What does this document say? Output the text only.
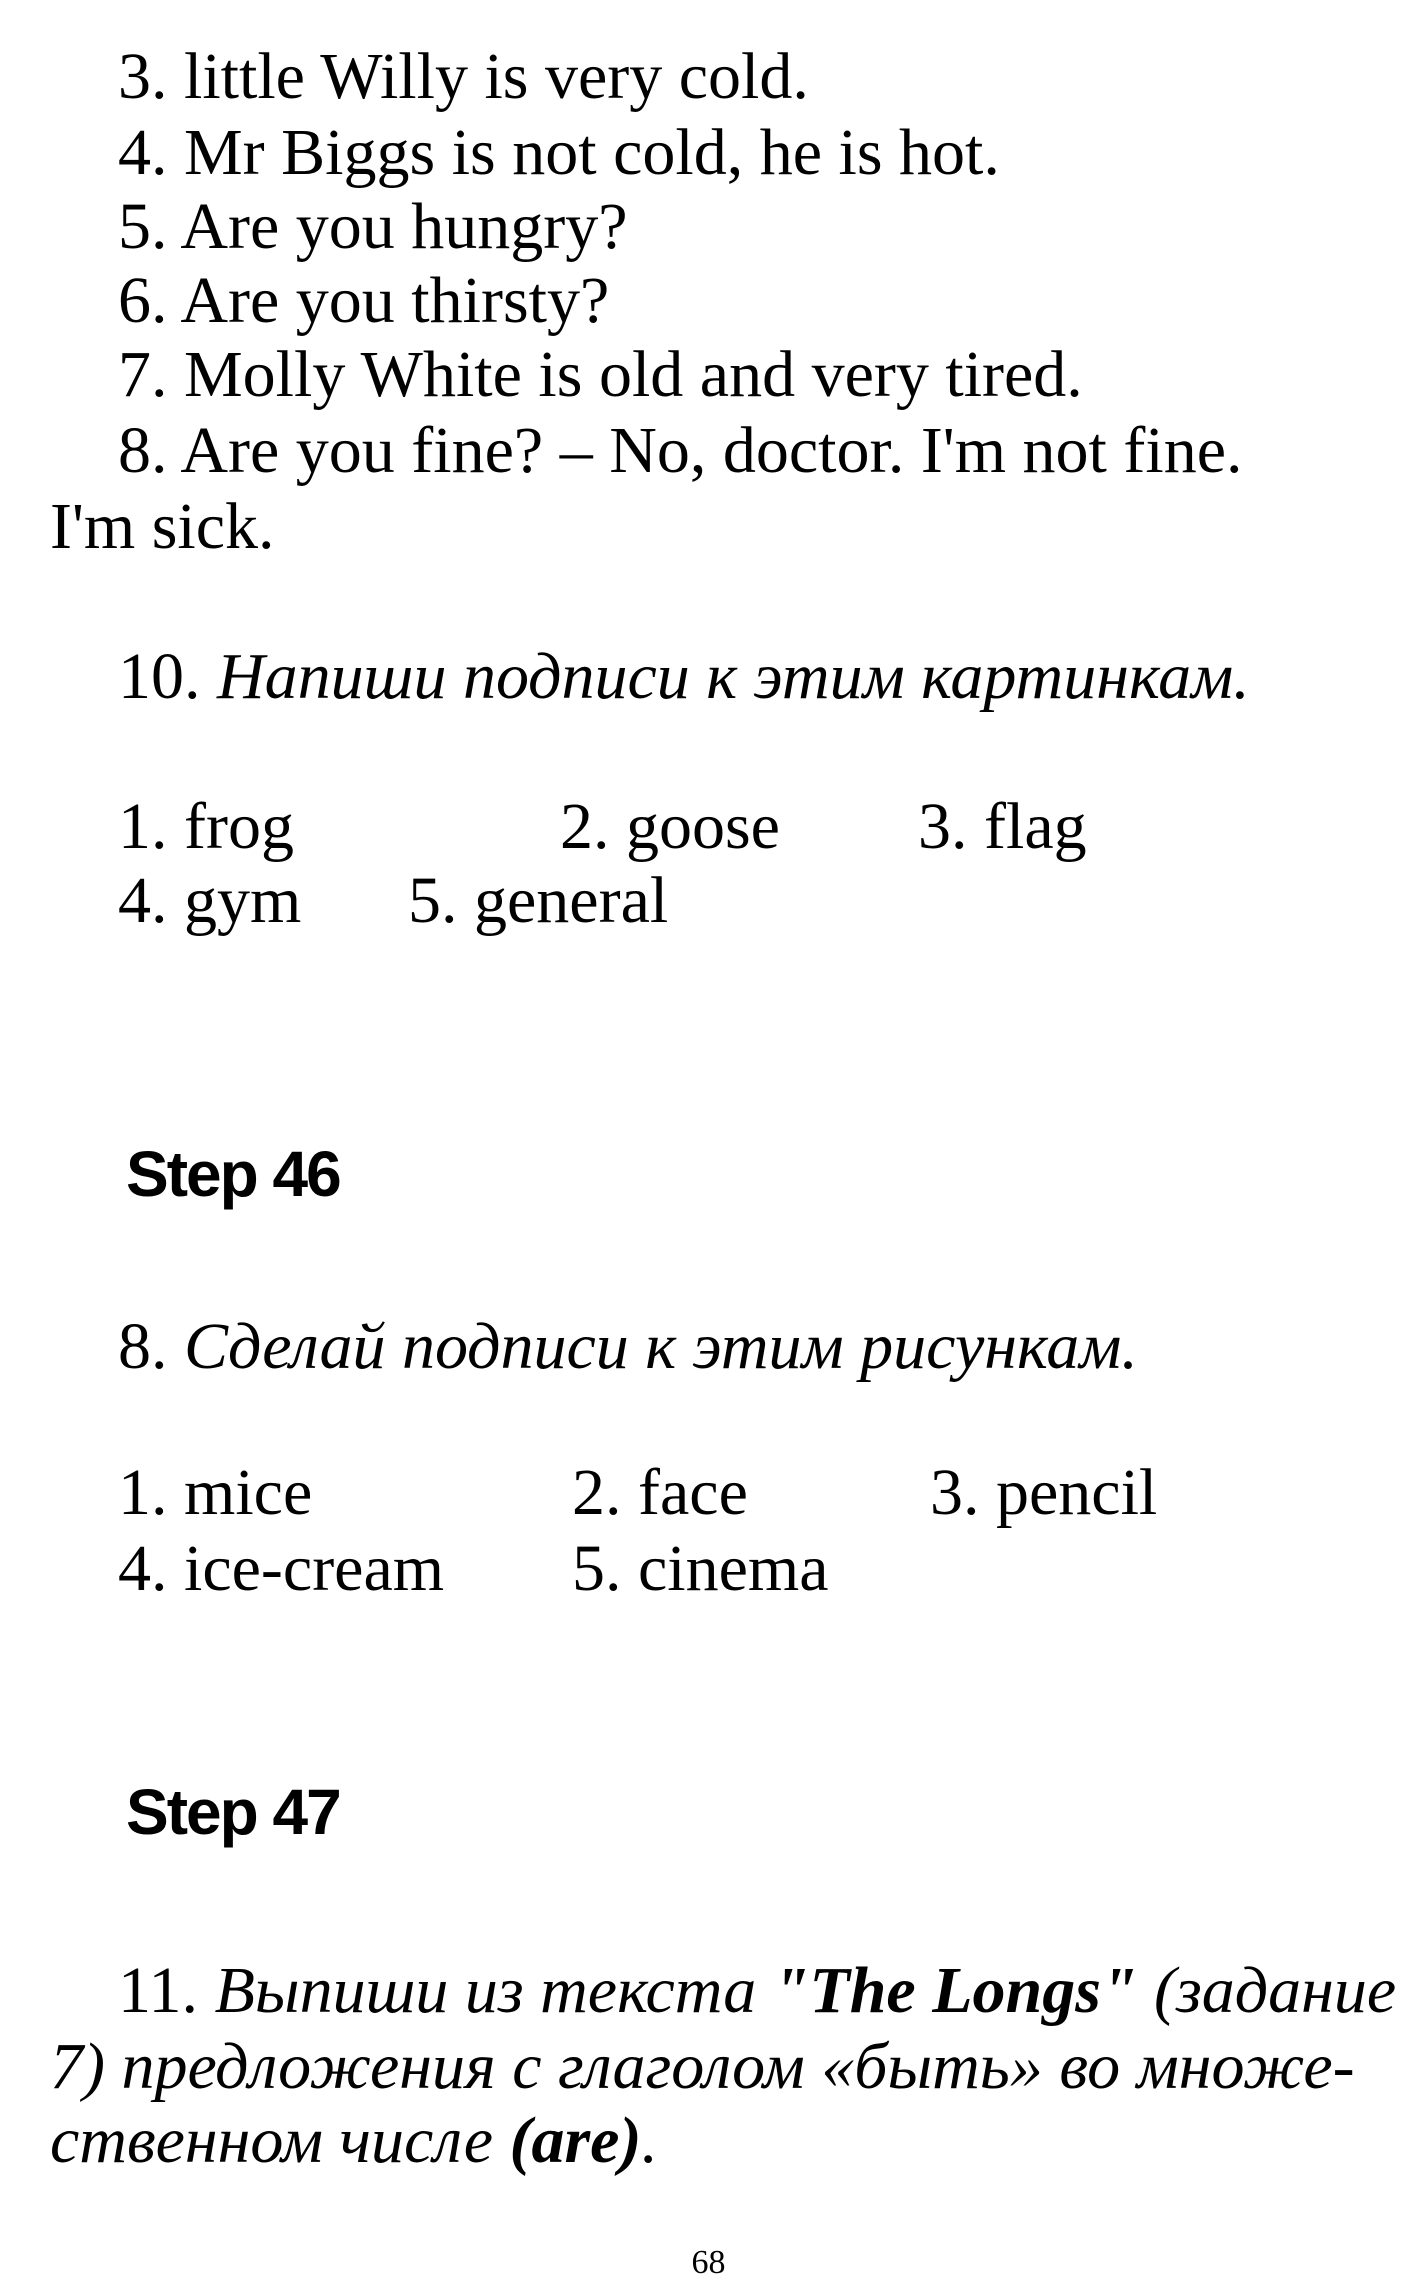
3. little Willy is very cold.
4. Mr Biggs is not cold, he is hot.
5. Are you hungry?
6. Are you thirsty?
7. Molly White is old and very tired.
8. Are you fine? – No, doctor. I'm not fine.
I'm sick.
10. Напиши подписи к этим картинкам.
1. frog	2. goose 3. flag
4. gym 5. general
Step 46
8. Сделай подписи к этим рисункам.
1. mice	2. face	3. pencil
4. ice-cream 5. cinema
Step 47
11. Выпиши из текста "The Longs" (задание
7) предложения с глаголом «быть» во множе-
ственном числе (are).
68
